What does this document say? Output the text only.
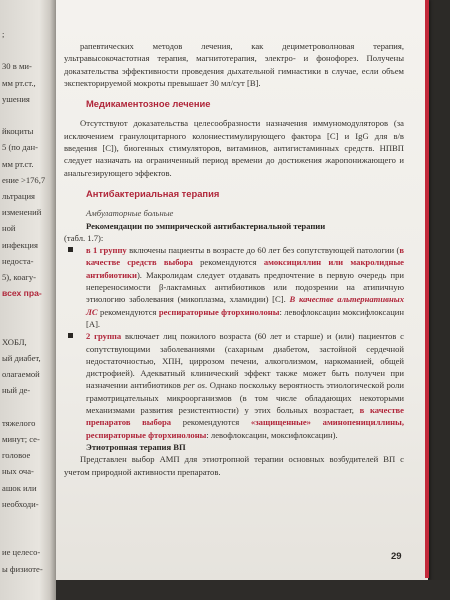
;
30 в ми-
мм рт.ст.,
ушения
йкоциты
5 (по дан-
мм рт.ст.
ение >176,7
льтрация
изменений
ной
инфекция
недоста-
5), коагу-
всех пра-
ХОБЛ,
ый диабет,
олагаемой
ный де-
тяжелого
минут; се-
головое
ных оча-
ашок или
необходи-
ие целесо-
ы физиоте-

рапевтических методов лечения, как дециметроволновая терапия, ультравысокочастотная терапия, магнитотерапия, электро- и фонофорез. Получены доказательства эффективности проведения дыхательной гимнастики в случае, если объем экспекторируемой мокроты превышает 30 мл/сут [В].

Медикаментозное лечение

Отсутствуют доказательства целесообразности назначения иммуномодуляторов (за исключением гранулоцитарного колониестимулирующего фактора [С] и IgG для в/в введения [С]), биогенных стимуляторов, витаминов, антигистаминных средств. НПВП следует назначать на ограниченный период времени до достижения жаропонижающего и анальгезирующего эффектов.

Антибактериальная терапия
Амбулаторные больные
Рекомендации по эмпирической антибактериальной терапии

(табл. 1.7):

в 1 группу включены пациенты в возрасте до 60 лет без сопутствующей патологии (в качестве средств выбора рекомендуются амоксициллин или макролидные антибиотики). Макролидам следует отдавать предпочтение в первую очередь при непереносимости β-лактамных антибиотиков или подозрении на атипичную этиологию заболевания (микоплазма, хламидии) [С]. В качестве альтернативных ЛС рекомендуются респираторные фторхинолоны: левофлоксацин моксифлоксацин [А].

2 группа включает лиц пожилого возраста (60 лет и старше) и (или) пациентов с сопутствующими заболеваниями (сахарным диабетом, застойной сердечной недостаточностью, ХПН, циррозом печени, алкоголизмом, наркоманией, общей дистрофией). Адекватный клинический эффект также может быть получен при назначении антибиотиков per os. Однако поскольку вероятность этиологической роли грамотрицательных микроорганизмов (в том числе обладающих некоторыми механизмами развития резистентности) у этих больных возрастает, в качестве препаратов выбора рекомендуются «защищенные» аминопенициллины, респираторные фторхинолоны: левофлоксацин, моксифлоксацин).

Этиотропная терапия ВП

Представлен выбор АМП для этиотропной терапии основных возбудителей ВП с учетом природной активности препаратов.

29
